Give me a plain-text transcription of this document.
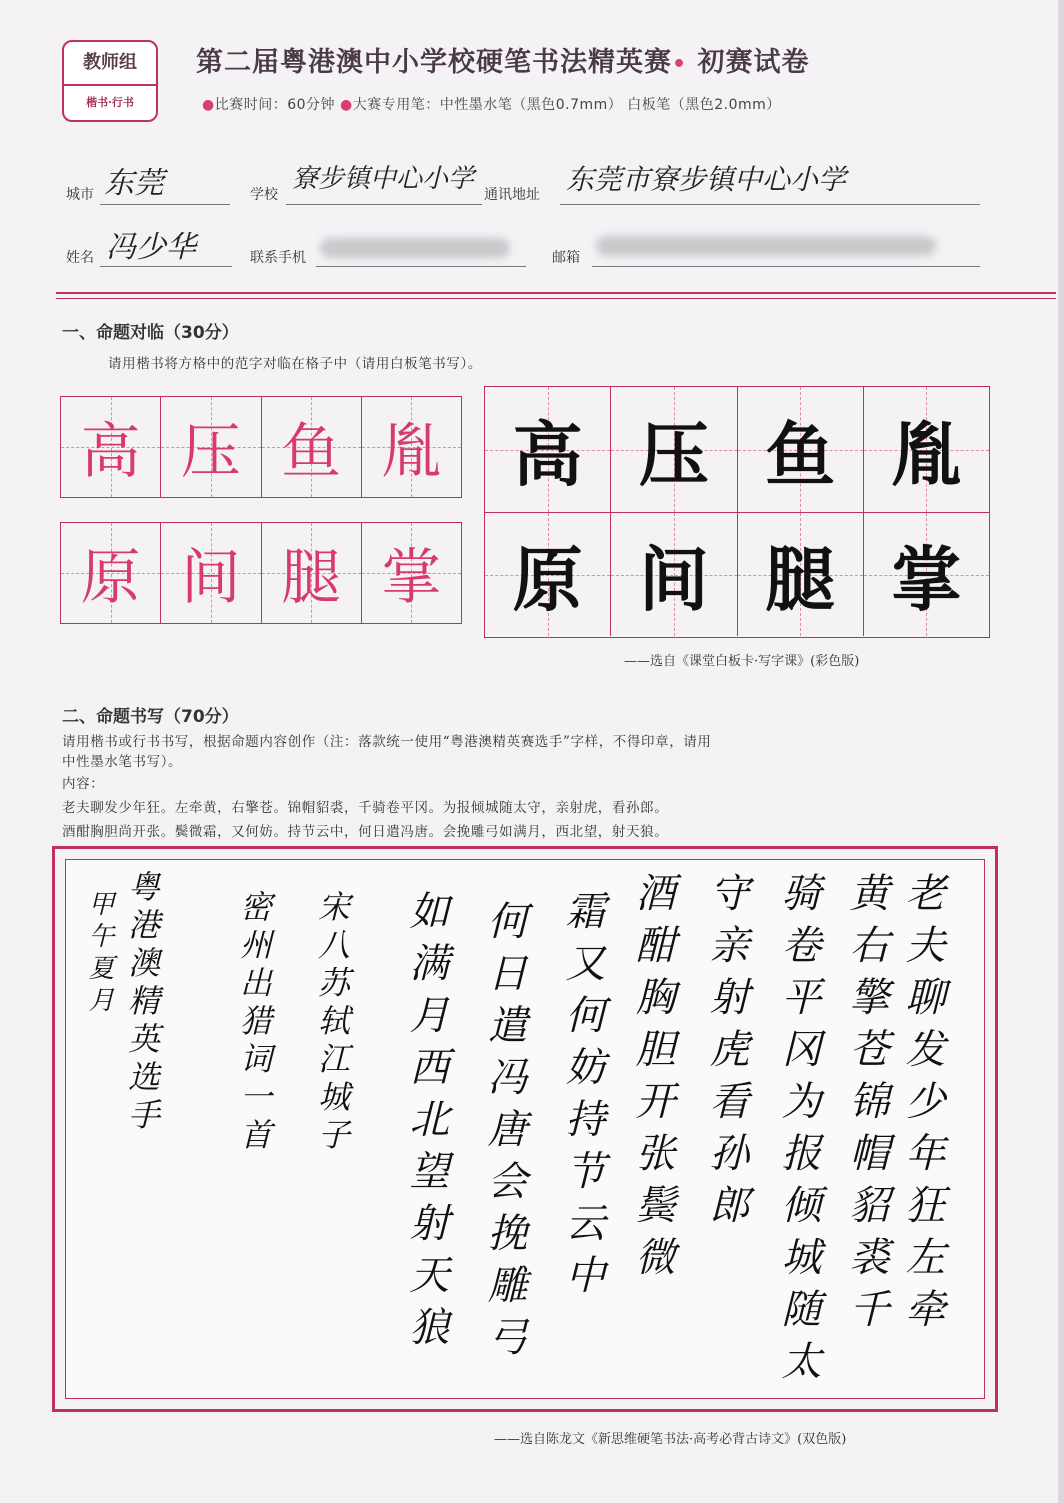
教师组
楷书·行书
第二届粤港澳中小学校硬笔书法精英赛• 初赛试卷
●比赛时间：60分钟 ●大赛专用笔：中性墨水笔（黑色0.7mm） 白板笔（黑色2.0mm）
城市 东莞	学校
寮步镇中心小学
通讯地址 东莞市寮步镇中心小学
姓名 冯少华	联系手机	邮箱
一、命题对临（30分）
请用楷书将方格中的范字对临在格子中（请用白板笔书写）。
高 压 鱼 胤
原 间 腿 掌
高 压 鱼 胤
原 间 腿 掌
——选自《课堂白板卡·写字课》(彩色版)
二、命题书写（70分）
请用楷书或行书书写，根据命题内容创作（注：落款统一使用“粤港澳精英赛选手”字样，不得印章，请用
中性墨水笔书写）。
内容：
老夫聊发少年狂。左牵黄，右擎苍。锦帽貂裘，千骑卷平冈。为报倾城随太守，亲射虎，看孙郎。
酒酣胸胆尚开张。鬓微霜，又何妨。持节云中，何日遣冯唐。会挽雕弓如满月，西北望，射天狼。
老夫聊发少年狂左牵
黄右擎苍锦帽貂裘千
骑卷平冈为报倾城随太
守亲射虎看孙郎
酒酣胸胆开张鬓微
霜又何妨持节云中
何日遣冯唐会挽雕弓
如满月西北望射天狼
宋八苏轼江城子
密州出猎词一首
粤港澳精英选手
甲午夏月
——选自陈龙文《新思维硬笔书法·高考必背古诗文》(双色版)
